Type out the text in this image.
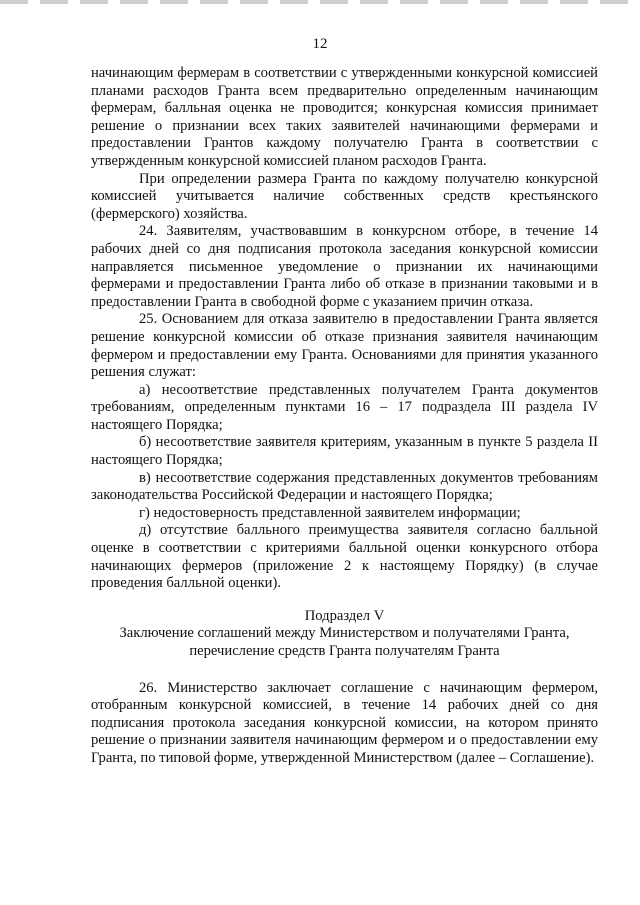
12

начинающим фермерам в соответствии с утвержденными конкурсной комиссией планами расходов Гранта всем предварительно определенным начинающим фермерам, балльная оценка не проводится; конкурсная комиссия принимает решение о признании всех таких заявителей начинающими фермерами и предоставлении Грантов каждому получателю Гранта в соответствии с утвержденным конкурсной комиссией планом расходов Гранта.

При определении размера Гранта по каждому получателю конкурсной комиссией учитывается наличие собственных средств крестьянского (фермерского) хозяйства.

24. Заявителям, участвовавшим в конкурсном отборе, в течение 14 рабочих дней со дня подписания протокола заседания конкурсной комиссии направляется письменное уведомление о признании их начинающими фермерами и предоставлении Гранта либо об отказе в признании таковыми и в предоставлении Гранта в свободной форме с указанием причин отказа.

25. Основанием для отказа заявителю в предоставлении Гранта является решение конкурсной комиссии об отказе признания заявителя начинающим фермером и предоставлении ему Гранта. Основаниями для принятия указанного решения служат:

а) несоответствие представленных получателем Гранта документов требованиям, определенным пунктами 16 – 17 подраздела III раздела IV настоящего Порядка;

б) несоответствие заявителя критериям, указанным в пункте 5 раздела II настоящего Порядка;

в) несоответствие содержания представленных документов требованиям законодательства Российской Федерации и настоящего Порядка;

г) недостоверность представленной заявителем информации;

д) отсутствие балльного преимущества заявителя согласно балльной оценке в соответствии с критериями балльной оценки конкурсного отбора начинающих фермеров (приложение 2 к настоящему Порядку) (в случае проведения балльной оценки).

Подраздел V

Заключение соглашений между Министерством и получателями Гранта,

перечисление средств Гранта получателям Гранта

26. Министерство заключает соглашение с начинающим фермером, отобранным конкурсной комиссией, в течение 14 рабочих дней со дня подписания протокола заседания конкурсной комиссии, на котором принято решение о признании заявителя начинающим фермером и о предоставлении ему Гранта, по типовой форме, утвержденной Министерством (далее – Соглашение).
